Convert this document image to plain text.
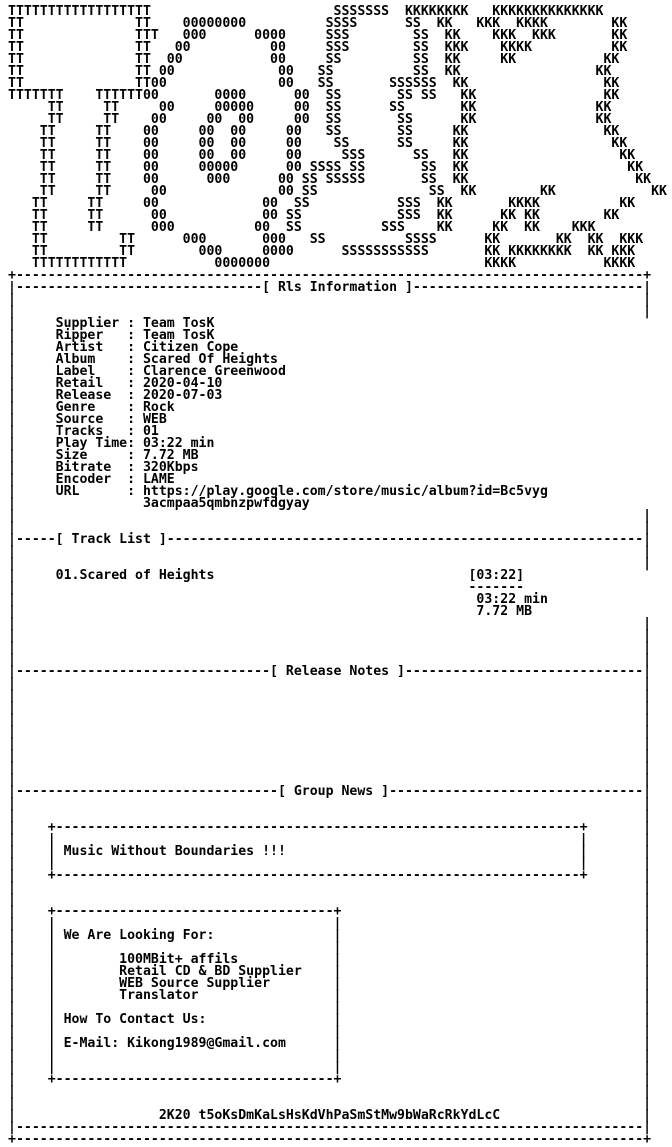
TTTTTTTTTTTTTTTTTT                       SSSSSSS  KKKKKKKK   KKKKKKKKKKKKKK
TT              TT    00000000          SSSS      SS  KK   KKK  KKKK        KK
TT              TTT   000      0000     SSS        SS  KK    KKK  KKK       KK
TT              TT   00          00     SSS        SS  KKK    KKKK          KK
TT              TT  00           00     SS         SS  KK     KK           KK
TT              TT 00             00   SS          SS  KK                 KK
TT              TT00              00   SS       SSSSSS  KK                 KK
TTTTTTT    TTTTTT00       0000      00  SS       SS SS   KK                KK
TT     TT     00     00000     00  SS      SS       KK               KK
TT     TT    00     00  00     00  SS       SS      KK               KK
TT     TT    00     00  00     00   SS       SS     KK                 KK
TT     TT    00     00  00     00    SS      SS     KK                  KK
TT     TT    00     00  00     00     SSS      SS   KK                   KK
TT     TT    00     00000      00 SSSS SS       SS  KK                    KK
TT     TT    00      000      00 SS SSSSS       SS  KK                     KK
TT     TT     00              00 SS              SS  KK        KK            KK
TT     TT     00             00  SS           SSS  KK       KKKK          KK
TT     TT      00            00 SS            SSS  KK      KK KK        KK
TT     TT      000          00  SS          SSS    KK     KK  KK    KKK
TT         TT      000       000   SS          SSSS      KK       KK  KK  KKK
TT         TT        000     0000      SSSSSSSSSSS       KK KKKKKKKK  KK KKK
TTTTTTTTTTTT           0000000                           KKKK           KKKK
+-------------------------------------------------------------------------------+
|-------------------------------[ Rls Information ]-----------------------------|
|                                                                               |
|                                                                               |
|     Supplier : Team TosK
|     Ripper   : Team TosK
|     Artist   : Citizen Cope
|     Album    : Scared Of Heights
|     Label    : Clarence Greenwood
|     Retail   : 2020-04-10
|     Release  : 2020-07-03
|     Genre    : Rock
|     Source   : WEB
|     Tracks   : 01
|     Play Time: 03:22 min
|     Size     : 7.72 MB
|     Bitrate  : 320Kbps
|     Encoder  : LAME
|     URL      : https://play.google.com/store/music/album?id=Bc5vyg
|                3acmpaa5qmbnzpwfdgyay
|                                                                               |
|                                                                               |
|-----[ Track List ]------------------------------------------------------------|
|                                                                               |
|                                                                               |
|     01.Scared of Heights                                [03:22]
|                                                         -------
|                                                          03:22 min
|                                                          7.72 MB
|                                                                               |
|                                                                               |
|                                                                               |
|                                                                               |
|--------------------------------[ Release Notes ]------------------------------|
|                                                                               |
|                                                                               |
|                                                                               |
|                                                                               |
|                                                                               |
|                                                                               |
|                                                                               |
|                                                                               |
|                                                                               |
|---------------------------------[ Group News ]--------------------------------|
|                                                                               |
|                                                                               |
|    +------------------------------------------------------------------+       |
|    |                                                                  |       |
|    | Music Without Boundaries !!!                                     |       |
|    |                                                                  |       |
|    +------------------------------------------------------------------+       |
|                                                                               |
|                                                                               |
|    +-----------------------------------+                                      |
|    |                                   |                                      |
|    | We Are Looking For:               |                                      |
|    |                                   |                                      |
|    |        100MBit+ affils            |                                      |
|    |        Retail CD & BD Supplier    |                                      |
|    |        WEB Source Supplier        |                                      |
|    |        Translator                 |                                      |
|    |                                   |                                      |
|    | How To Contact Us:                |                                      |
|    |                                   |                                      |
|    | E-Mail: Kikong1989@Gmail.com      |                                      |
|    |                                   |                                      |
|    |                                   |                                      |
|    +-----------------------------------+                                      |
|                                                                               |
|                                                                               |
|                  2K20 t5oKsDmKaLsHsKdVhPaSmStMw9bWaRcRkYdLcC                  |
|-------------------------------------------------------------------------------|
+-------------------------------------------------------------------------------+
